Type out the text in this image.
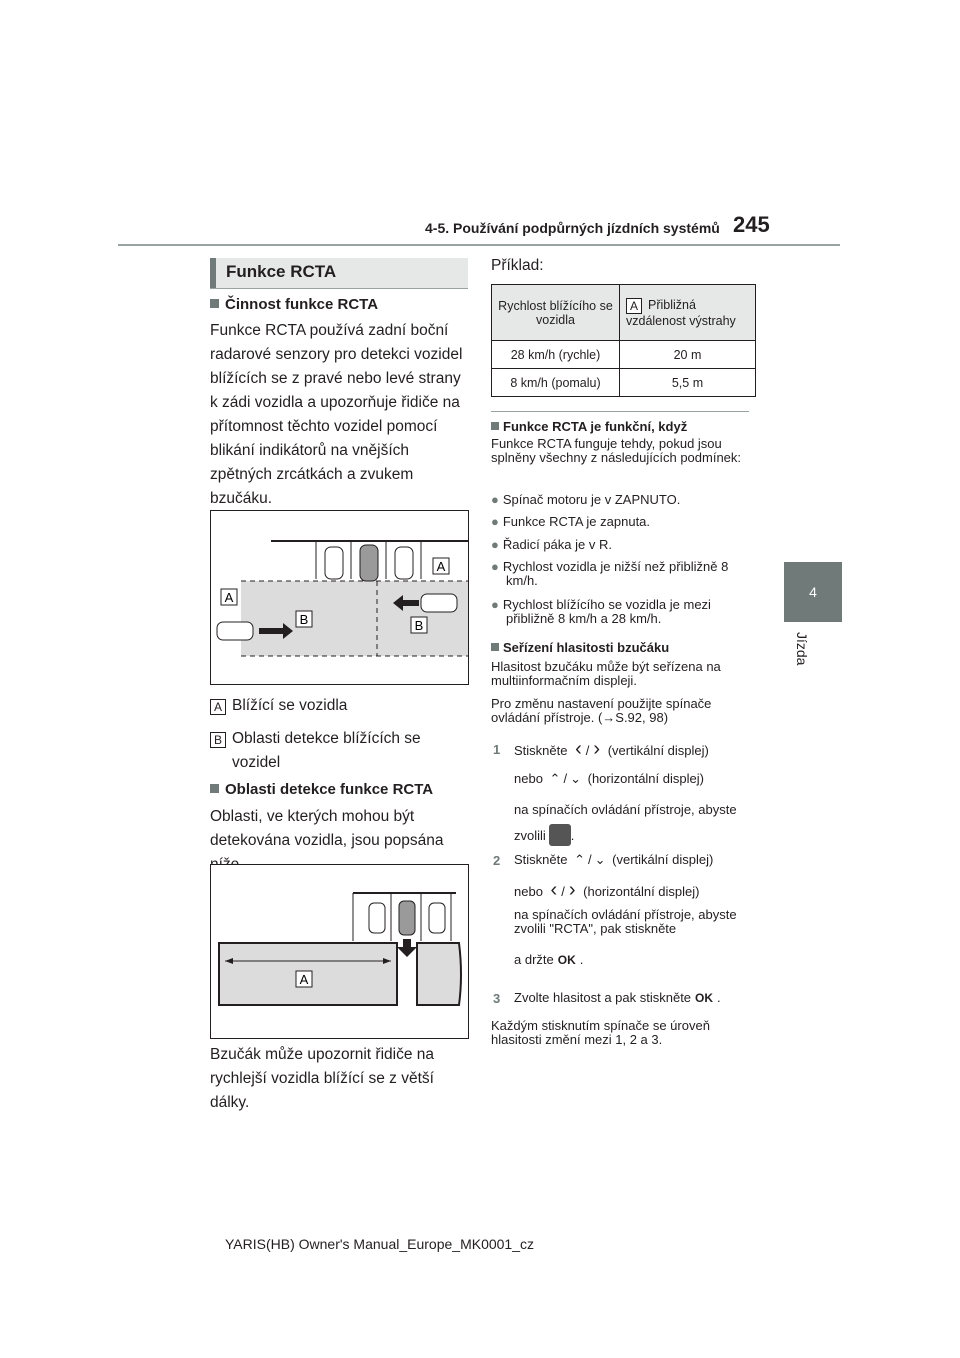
4-5. Používání podpůrných jízdních systémů 245
4
Jízda
Funkce RCTA
Činnost funkce RCTA
Funkce RCTA používá zadní boční radarové senzory pro detekci vozidel blížících se z pravé nebo levé strany k zádi vozidla a upozorňuje řidiče na přítomnost těchto vozidel pomocí blikání indikátorů na vnějších zpětných zrcátkách a zvukem bzučáku.
A
A
B	B
A Blížící se vozidla
B Oblasti detekce blížících se vozidel
Oblasti detekce funkce RCTA
Oblasti, ve kterých mohou být detekována vozidla, jsou popsána
A
Bzučák může upozornit řidiče na rychlejší vozidla blížící se z větší dálky.
Příklad:
Rychlost blížícího se vozidla	A Přibližná vzdálenost výstrahy
28 km/h (rychle)	20 m
8 km/h (pomalu)	5,5 m
Funkce RCTA je funkční, když
Funkce RCTA funguje tehdy, pokud jsou splněny všechny z následujících podmínek:
● Spínač motoru je v ZAPNUTO.
● Funkce RCTA je zapnuta.
● Řadicí páka je v R.
● Rychlost vozidla je nižší než přibližně 8 km/h.
● Rychlost blížícího se vozidla je mezi přibližně 8 km/h a 28 km/h.
Seřízení hlasitosti bzučáku
Hlasitost bzučáku může být seřízena na multiinformačním displeji.
Pro změnu nastavení použijte spínače ovládání přístroje. (→S.92, 98)
1 Stiskněte ‹ / › (vertikální displej)
nebo ⌃ / ⌄ (horizontální displej)
na spínačích ovládání přístroje, abyste zvolili .
2 Stiskněte ⌃ / ⌄ (vertikální displej)
nebo ‹ / › (horizontální displej)
na spínačích ovládání přístroje, abyste zvolili "RCTA", pak stiskněte
a držte OK .
3 Zvolte hlasitost a pak stiskněte OK .
Každým stisknutím spínače se úroveň hlasitosti změní mezi 1, 2 a 3.
YARIS(HB) Owner's Manual_Europe_MK0001_cz
